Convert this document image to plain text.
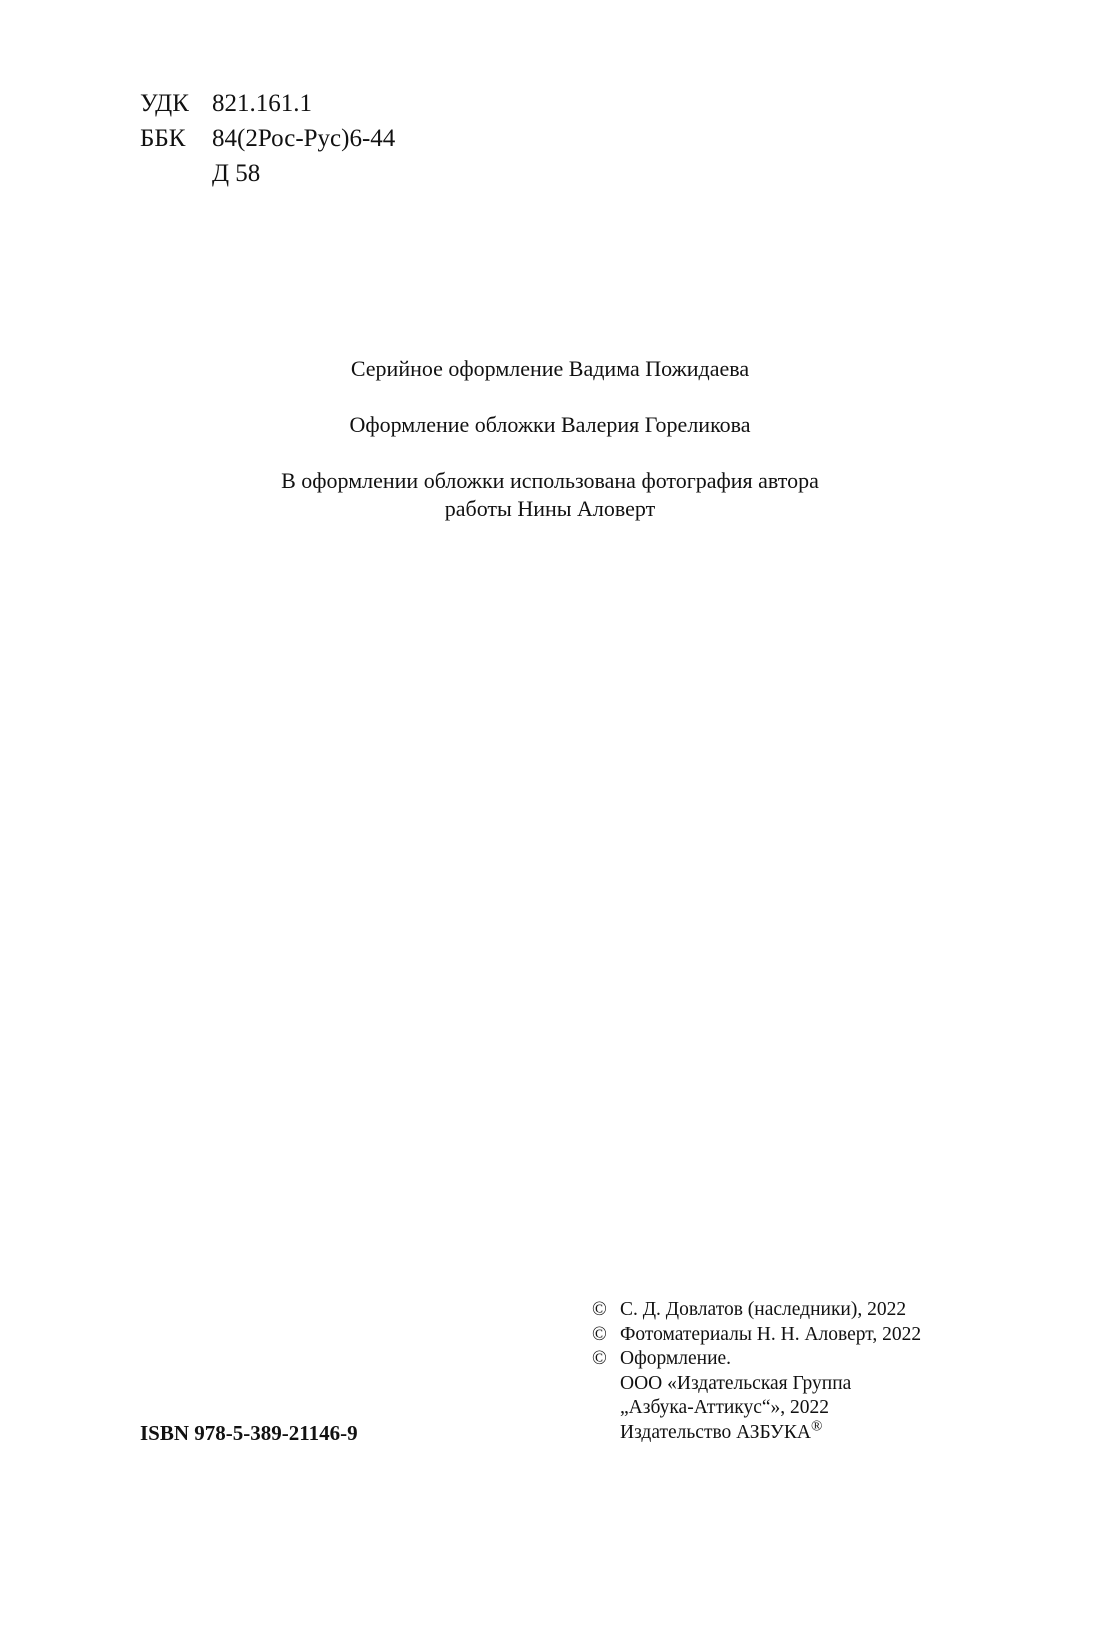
УДК 821.161.1
ББК	84(2Рос-Рус)6-44
Д 58

Серийное оформление Вадима Пожидаева

Оформление обложки Валерия Гореликова

В оформлении обложки использована фотография автора
работы Нины Аловерт
ISBN 978-5-389-21146-9
© С. Д. Довлатов (наследники), 2022
© Фотоматериалы Н. Н. Аловерт, 2022
© Оформление.
ООО «Издательская Группа
„Азбука-Аттикус“», 2022
Издательство АЗБУКА®
